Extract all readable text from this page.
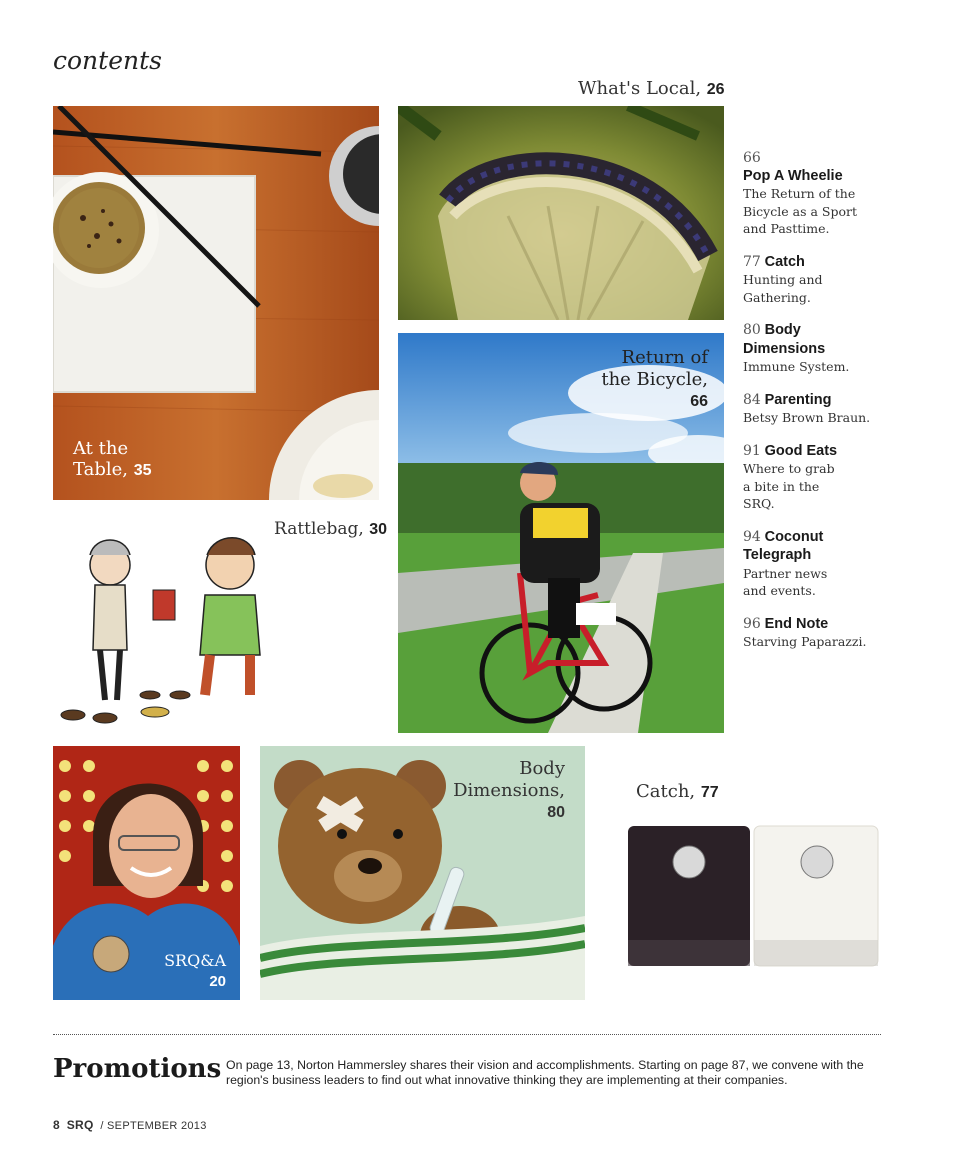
contents
What's Local, 26
At the
Table, 35
Return of
the Bicycle,
66
Rattlebag, 30
SRQ&A
20
Body
Dimensions,
80
Catch, 77
66
Pop A Wheelie
The Return of the Bicycle as a Sport and Pasttime.
77 Catch
Hunting and Gathering.
80 Body Dimensions
Immune System.
84 Parenting
Betsy Brown Braun.
91 Good Eats
Where to grab a bite in the SRQ.
94 Coconut Telegraph
Partner news and events.
96 End Note
Starving Paparazzi.
Promotions On page 13, Norton Hammersley shares their vision and accomplishments. Starting on page 87, we convene with the region's business leaders to find out what innovative thinking they are implementing at their companies.
8 SRQ / SEPTEMBER 2013
